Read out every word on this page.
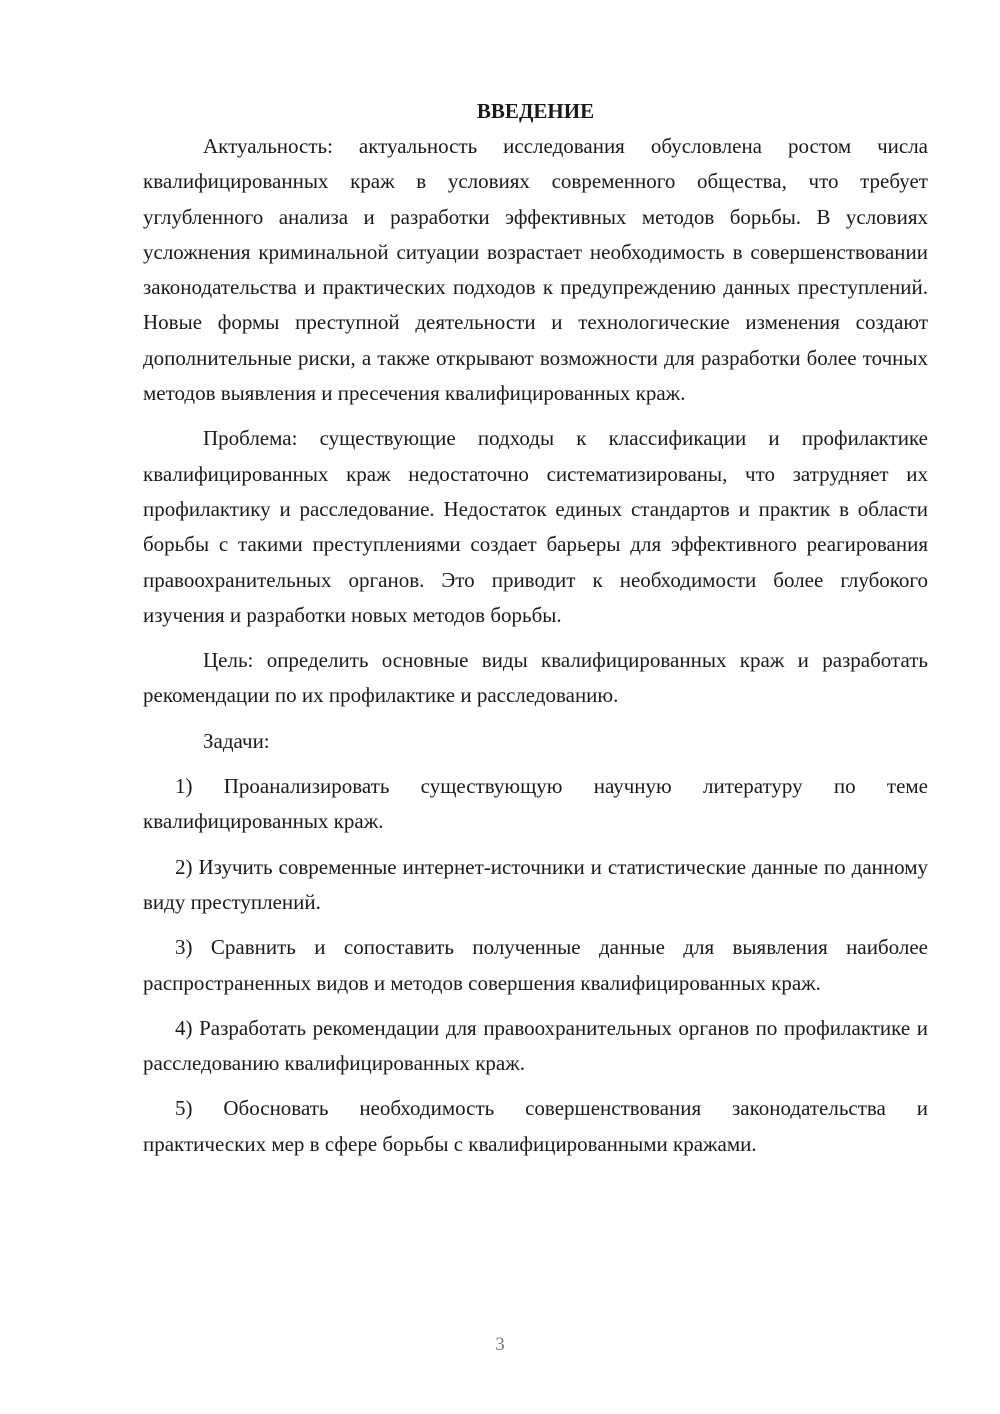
ВВЕДЕНИЕ

Актуальность: актуальность исследования обусловлена ростом числа квалифицированных краж в условиях современного общества, что требует углубленного анализа и разработки эффективных методов борьбы. В условиях усложнения криминальной ситуации возрастает необходимость в совершенствовании законодательства и практических подходов к предупреждению данных преступлений. Новые формы преступной деятельности и технологические изменения создают дополнительные риски, а также открывают возможности для разработки более точных методов выявления и пресечения квалифицированных краж.

Проблема: существующие подходы к классификации и профилактике квалифицированных краж недостаточно систематизированы, что затрудняет их профилактику и расследование. Недостаток единых стандартов и практик в области борьбы с такими преступлениями создает барьеры для эффективного реагирования правоохранительных органов. Это приводит к необходимости более глубокого изучения и разработки новых методов борьбы.

Цель: определить основные виды квалифицированных краж и разработать рекомендации по их профилактике и расследованию.

Задачи:

1) Проанализировать существующую научную литературу по теме квалифицированных краж.

2) Изучить современные интернет-источники и статистические данные по данному виду преступлений.

3) Сравнить и сопоставить полученные данные для выявления наиболее распространенных видов и методов совершения квалифицированных краж.

4) Разработать рекомендации для правоохранительных органов по профилактике и расследованию квалифицированных краж.

5) Обосновать необходимость совершенствования законодательства и практических мер в сфере борьбы с квалифицированными кражами.

3
